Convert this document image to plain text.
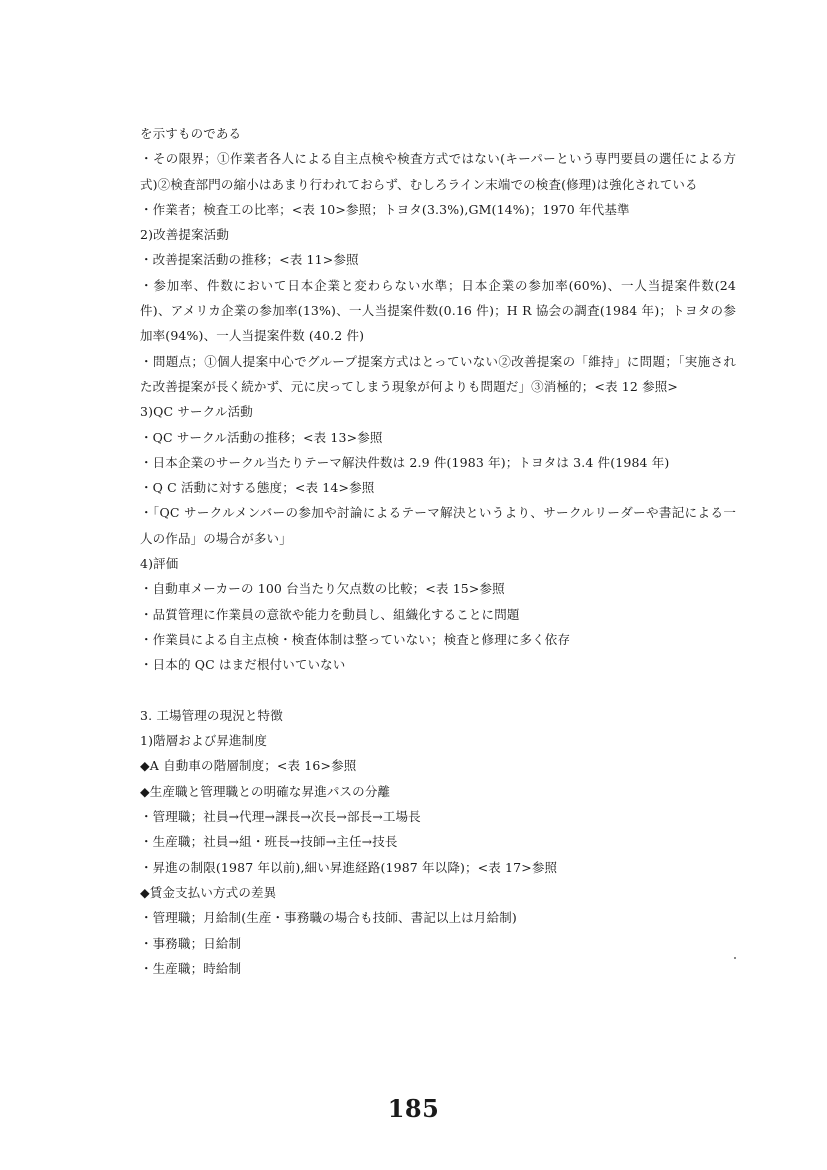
を示すものである
・その限界；①作業者各人による自主点検や検査方式ではない(キーパーという専門要員の選任による方式)②検査部門の縮小はあまり行われておらず、むしろライン末端での検査(修理)は強化されている
・作業者；検査工の比率；<表 10>参照；トヨタ(3.3%),GM(14%)；1970 年代基準
2)改善提案活動
・改善提案活動の推移；<表 11>参照
・参加率、件数において日本企業と変わらない水準；日本企業の参加率(60%)、一人当提案件数(24 件)、アメリカ企業の参加率(13%)、一人当提案件数(0.16 件)；H R 協会の調査(1984 年)；トヨタの参加率(94%)、一人当提案件数 (40.2 件)
・問題点；①個人提案中心でグループ提案方式はとっていない②改善提案の「維持」に問題；「実施された改善提案が長く続かず、元に戻ってしまう現象が何よりも問題だ」③消極的；<表 12 参照>
3)QC サークル活動
・QC サークル活動の推移；<表 13>参照
・日本企業のサークル当たりテーマ解決件数は 2.9 件(1983 年)；トヨタは 3.4 件(1984 年)
・Q C 活動に対する態度；<表 14>参照
・「QC サークルメンバーの参加や討論によるテーマ解決というより、サークルリーダーや書記による一人の作品」の場合が多い」
4)評価
・自動車メーカーの 100 台当たり欠点数の比較；<表 15>参照
・品質管理に作業員の意欲や能力を動員し、組織化することに問題
・作業員による自主点検・検査体制は整っていない；検査と修理に多く依存
・日本的 QC はまだ根付いていない
3. 工場管理の現況と特徴
1)階層および昇進制度
◆A 自動車の階層制度；<表 16>参照
◆生産職と管理職との明確な昇進パスの分離
・管理職；社員→代理→課長→次長→部長→工場長
・生産職；社員→組・班長→技師→主任→技長
・昇進の制限(1987 年以前),細い昇進経路(1987 年以降)；<表 17>参照
◆賃金支払い方式の差異
・管理職；月給制(生産・事務職の場合も技師、書記以上は月給制)
・事務職；日給制
・生産職；時給制
185
